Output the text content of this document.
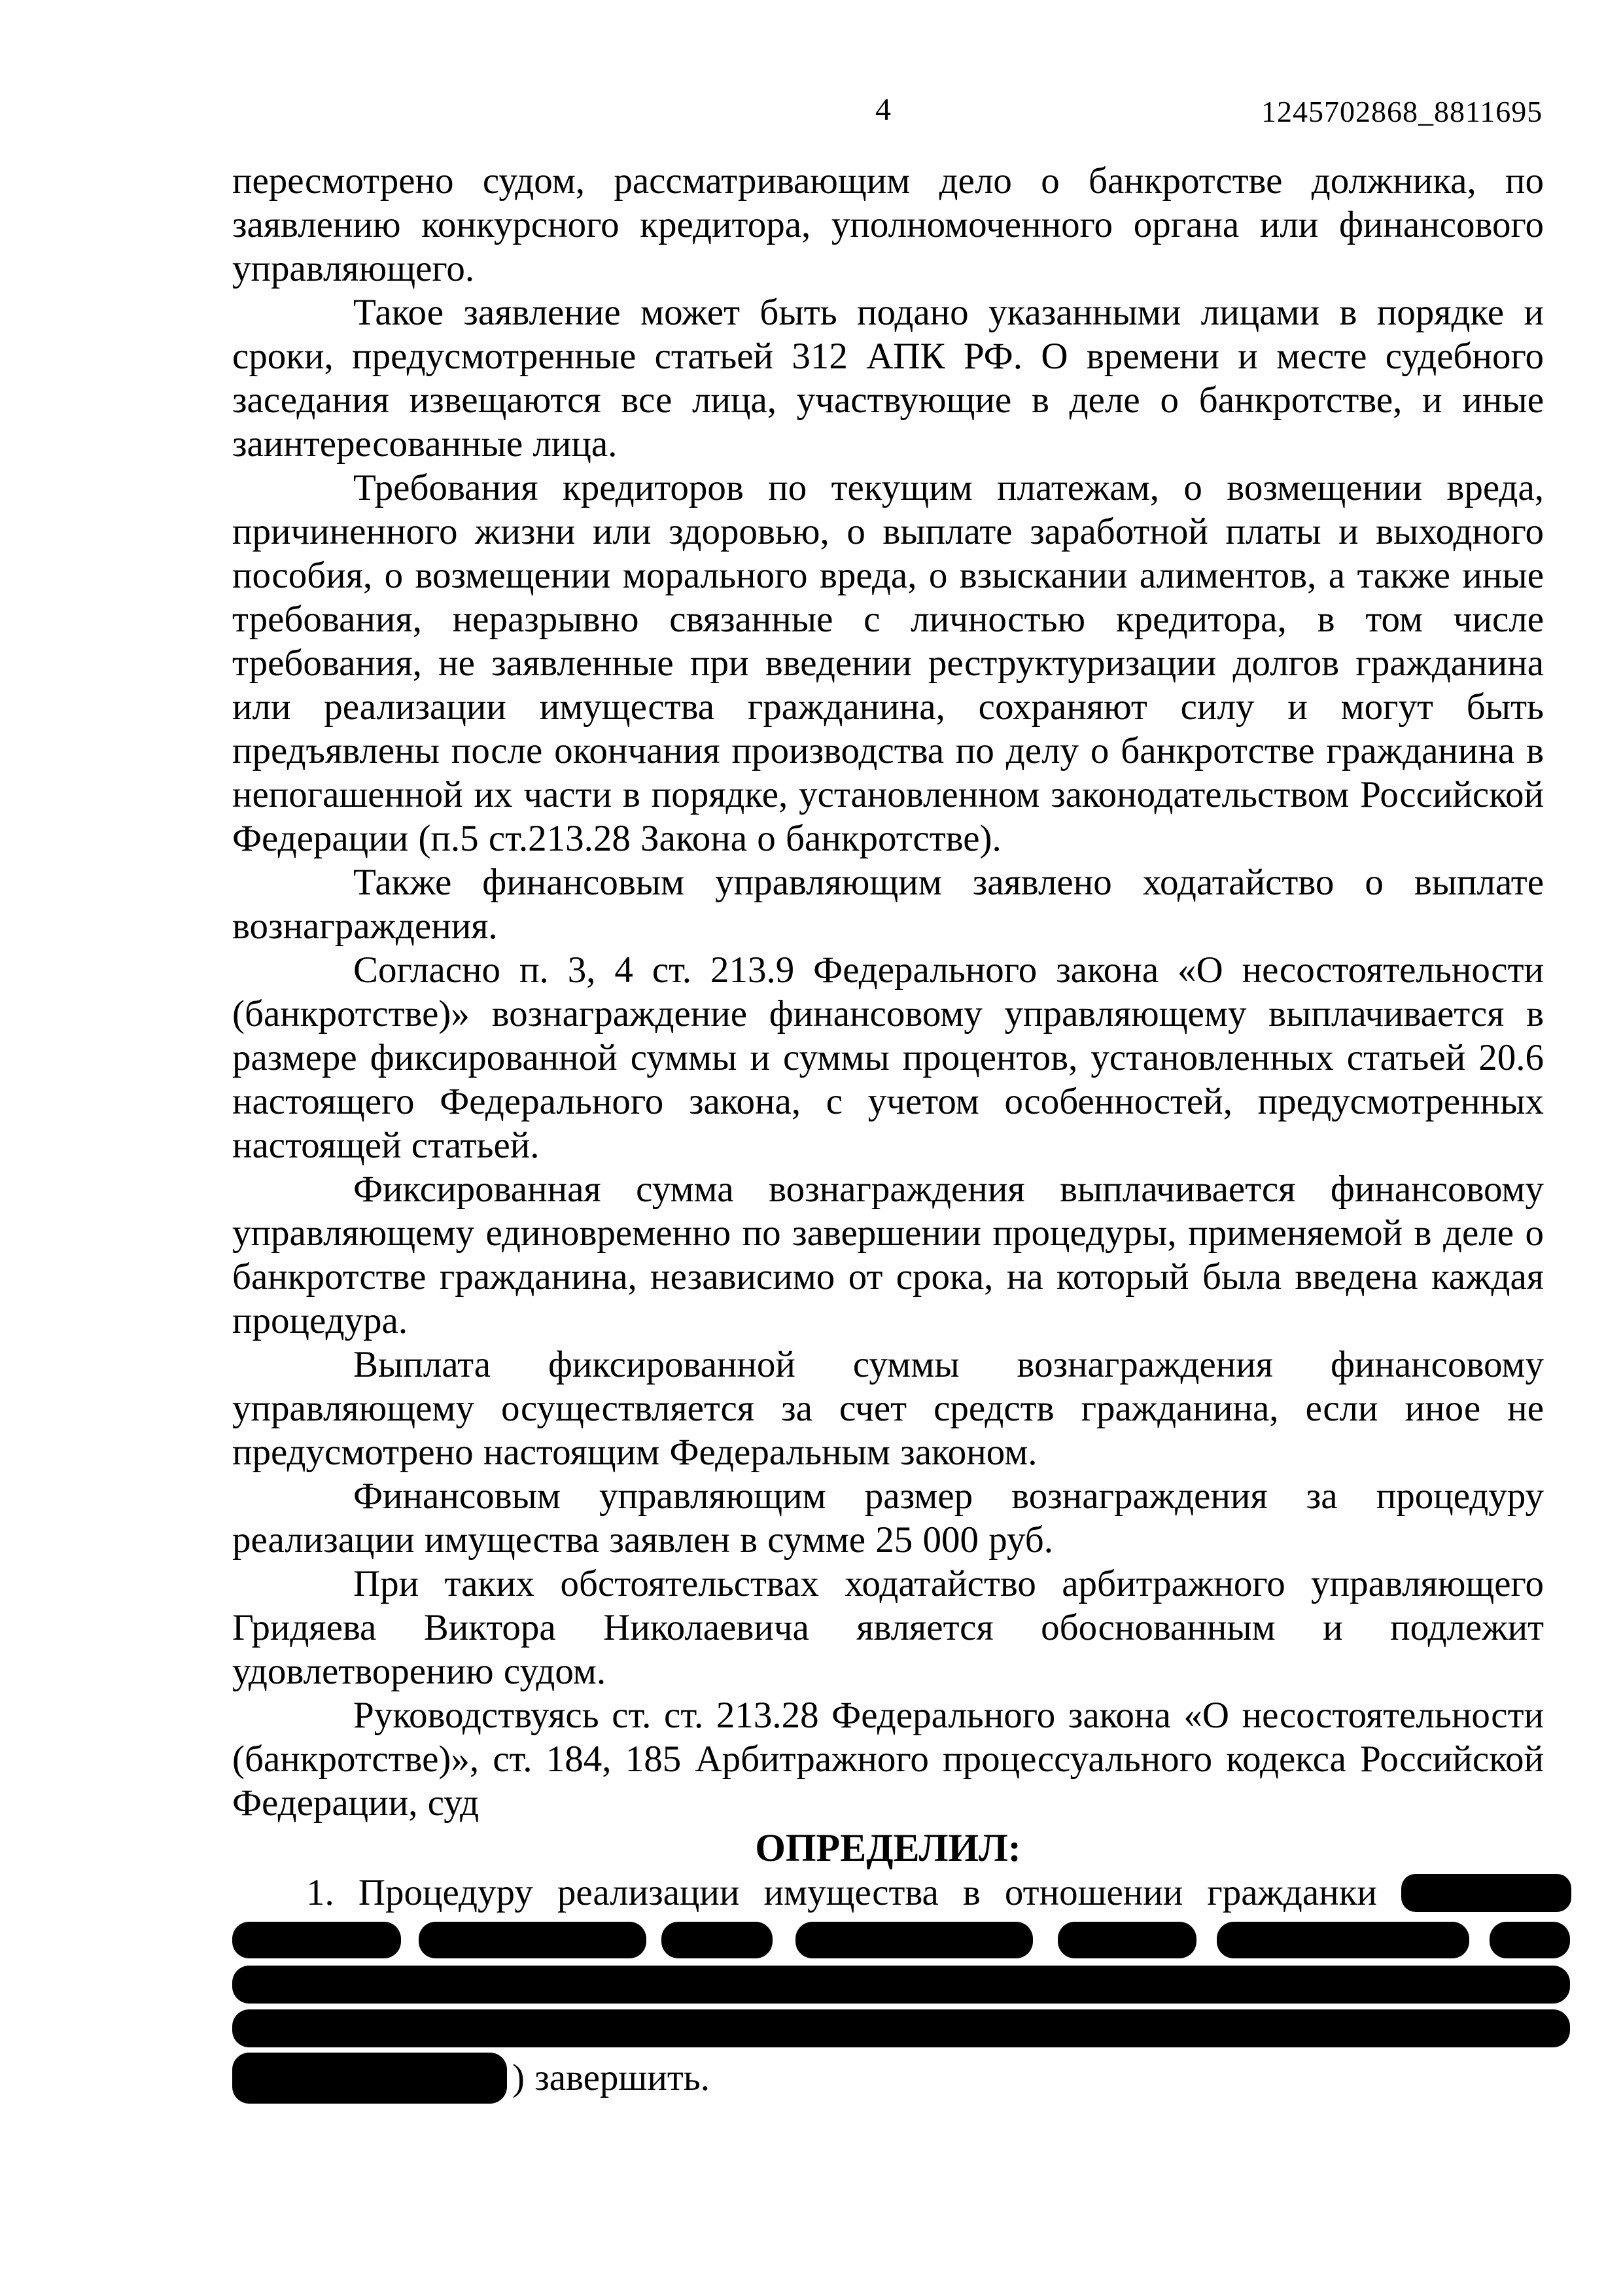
4	1245702868_8811695

пересмотрено судом, рассматривающим дело о банкротстве должника, по заявлению конкурсного кредитора, уполномоченного органа или финансового управляющего.

Такое заявление может быть подано указанными лицами в порядке и сроки, предусмотренные статьей 312 АПК РФ. О времени и месте судебного заседания извещаются все лица, участвующие в деле о банкротстве, и иные заинтересованные лица.

Требования кредиторов по текущим платежам, о возмещении вреда, причиненного жизни или здоровью, о выплате заработной платы и выходного пособия, о возмещении морального вреда, о взыскании алиментов, а также иные требования, неразрывно связанные с личностью кредитора, в том числе требования, не заявленные при введении реструктуризации долгов гражданина или реализации имущества гражданина, сохраняют силу и могут быть предъявлены после окончания производства по делу о банкротстве гражданина в непогашенной их части в порядке, установленном законодательством Российской Федерации (п.5 ст.213.28 Закона о банкротстве).

Также финансовым управляющим заявлено ходатайство о выплате вознаграждения.

Согласно п. 3, 4 ст. 213.9 Федерального закона «О несостоятельности (банкротстве)» вознаграждение финансовому управляющему выплачивается в размере фиксированной суммы и суммы процентов, установленных статьей 20.6 настоящего Федерального закона, с учетом особенностей, предусмотренных настоящей статьей.

Фиксированная сумма вознаграждения выплачивается финансовому управляющему единовременно по завершении процедуры, применяемой в деле о банкротстве гражданина, независимо от срока, на который была введена каждая процедура.

Выплата фиксированной суммы вознаграждения финансовому управляющему осуществляется за счет средств гражданина, если иное не предусмотрено настоящим Федеральным законом.

Финансовым управляющим размер вознаграждения за процедуру реализации имущества заявлен в сумме 25 000 руб.

При таких обстоятельствах ходатайство арбитражного управляющего Гридяева Виктора Николаевича является обоснованным и подлежит удовлетворению судом.

Руководствуясь ст. ст. 213.28 Федерального закона «О несостоятельности (банкротстве)», ст. 184, 185 Арбитражного процессуального кодекса Российской Федерации, суд

ОПРЕДЕЛИЛ:

1. Процедуру реализации имущества в отношении гражданки

) завершить.
